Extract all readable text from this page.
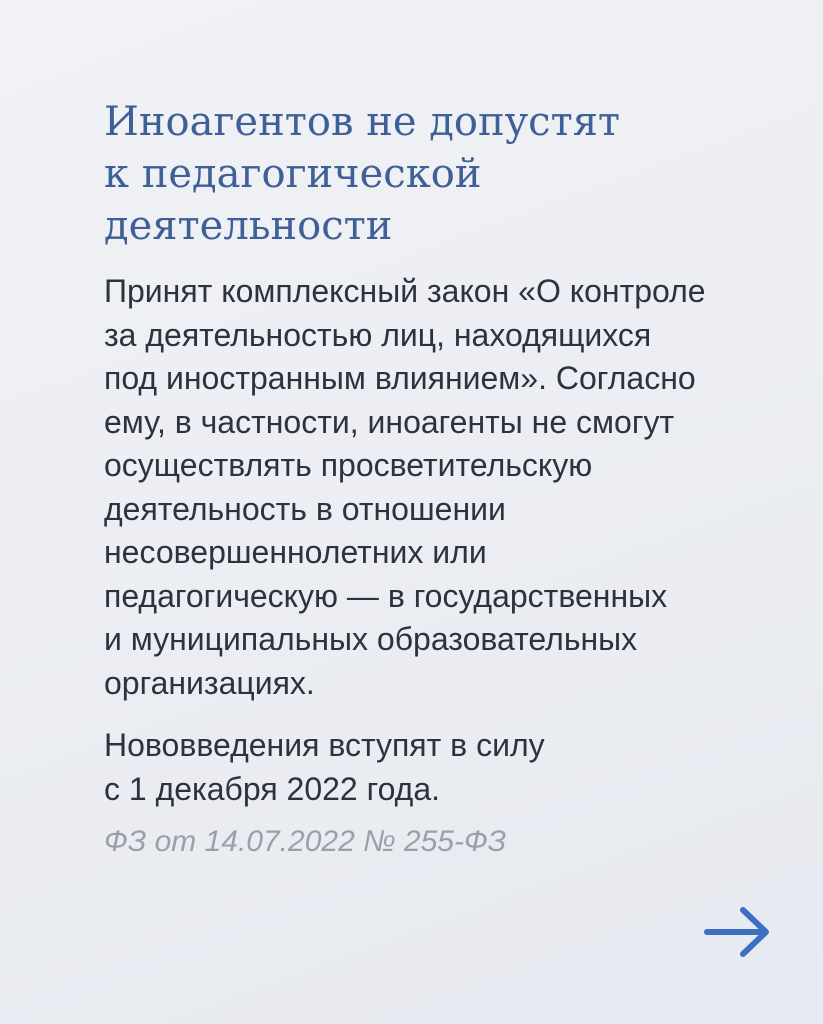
Иноагентов не допустят
к педагогической
деятельности

Принят комплексный закон «О контроле
за деятельностью лиц, находящихся
под иностранным влиянием». Согласно
ему, в частности, иноагенты не смогут
осуществлять просветительскую
деятельность в отношении
несовершеннолетних или
педагогическую — в государственных
и муниципальных образовательных
организациях.

Нововведения вступят в силу
с 1 декабря 2022 года.

ФЗ от 14.07.2022 № 255-ФЗ
